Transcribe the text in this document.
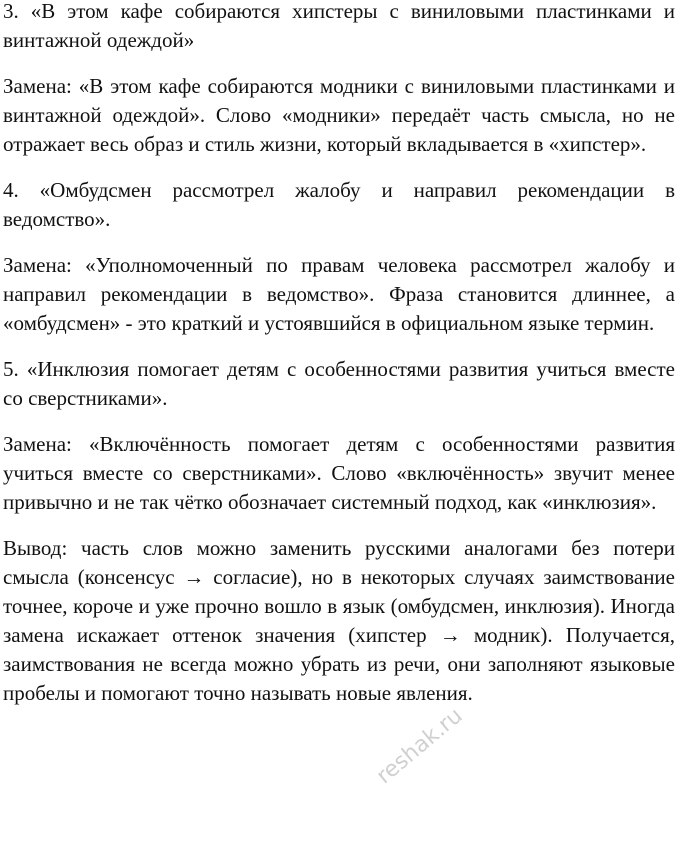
3. «В этом кафе собираются хипстеры с виниловыми пластинками и винтажной одеждой»

Замена: «В этом кафе собираются модники с виниловыми пластинками и винтажной одеждой». Слово «модники» передаёт часть смысла, но не отражает весь образ и стиль жизни, который вкладывается в «хипстер».

4. «Омбудсмен рассмотрел жалобу и направил рекомендации в ведомство».

Замена: «Уполномоченный по правам человека рассмотрел жалобу и направил рекомендации в ведомство». Фраза становится длиннее, а «омбудсмен» - это краткий и устоявшийся в официальном языке термин.

5. «Инклюзия помогает детям с особенностями развития учиться вместе со сверстниками».

Замена: «Включённость помогает детям с особенностями развития учиться вместе со сверстниками». Слово «включённость» звучит менее привычно и не так чётко обозначает системный подход, как «инклюзия».

Вывод: часть слов можно заменить русскими аналогами без потери смысла (консенсус → согласие), но в некоторых случаях заимствование точнее, короче и уже прочно вошло в язык (омбудсмен, инклюзия). Иногда замена искажает оттенок значения (хипстер → модник). Получается, заимствования не всегда можно убрать из речи, они заполняют языковые пробелы и помогают точно называть новые явления.

reshak.ru
